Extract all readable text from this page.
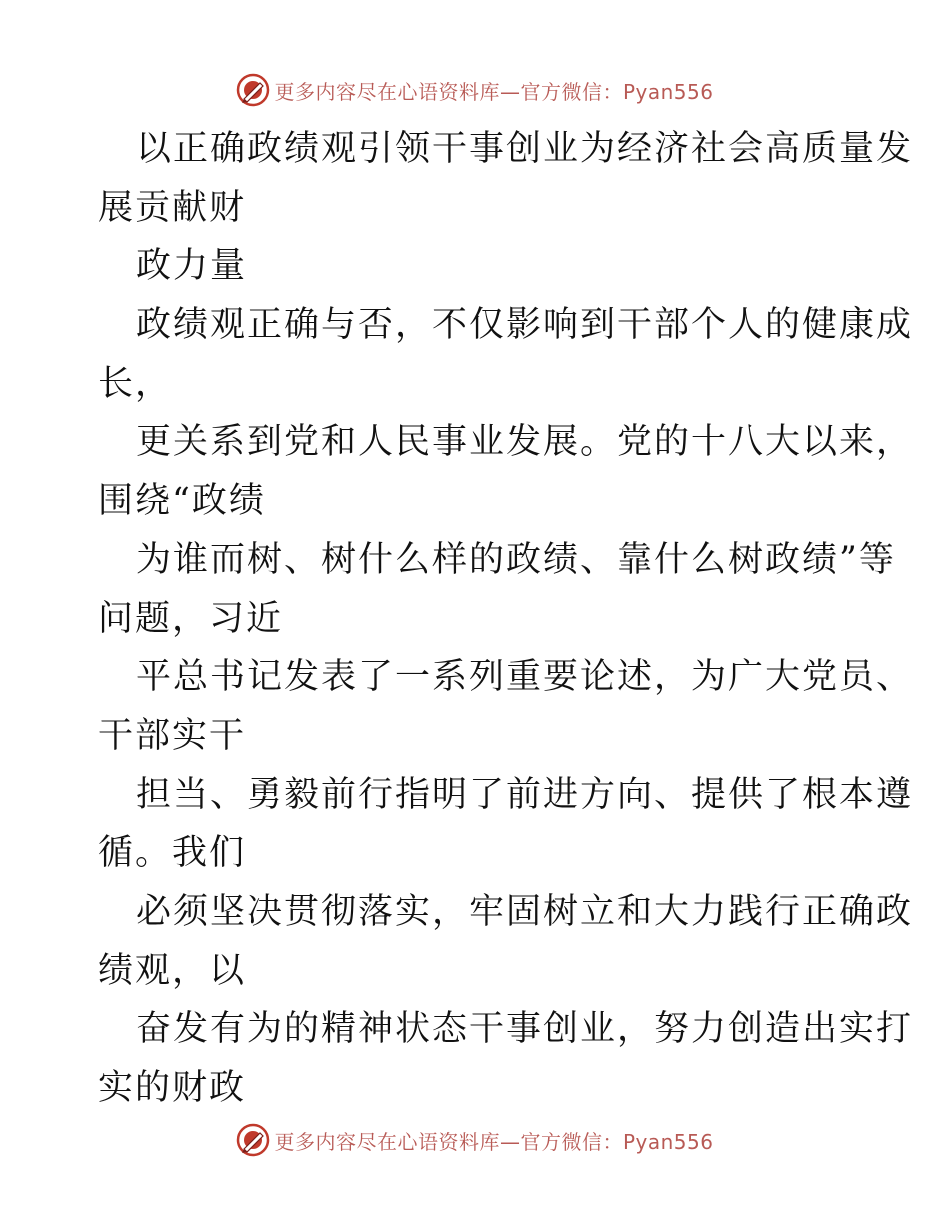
更多内容尽在心语资料库—官方微信：Pyan556
以正确政绩观引领干事创业为经济社会高质量发
展贡献财
政力量
政绩观正确与否，不仅影响到干部个人的健康成
长，
更关系到党和人民事业发展。党的十八大以来，
围绕“政绩
为谁而树、树什么样的政绩、靠什么树政绩”等
问题，习近
平总书记发表了一系列重要论述，为广大党员、
干部实干
担当、勇毅前行指明了前进方向、提供了根本遵
循。我们
必须坚决贯彻落实，牢固树立和大力践行正确政
绩观，以
奋发有为的精神状态干事创业，努力创造出实打
实的财政
更多内容尽在心语资料库—官方微信：Pyan556
